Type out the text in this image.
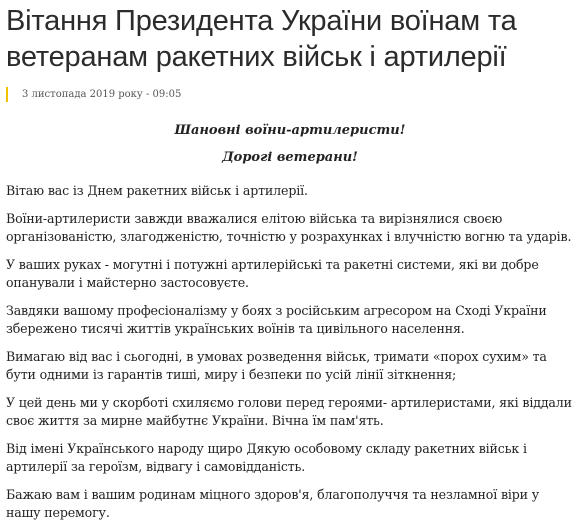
Вітання Президента України воїнам та ветеранам ракетних військ і артилерії
3 листопада 2019 року - 09:05

Шановні воїни-артилеристи!

Дорогі ветерани!

Вітаю вас із Днем ракетних військ і артилерії.

Воїни-артилеристи завжди вважалися елітою війська та вирізнялися своєю організованістю, злагодженістю, точністю у розрахунках і влучністю вогню та ударів.

У ваших руках - могутні і потужні артилерійські та ракетні системи, які ви добре опанували і майстерно застосовуєте.

Завдяки вашому професіоналізму у боях з російським агресором на Сході України збережено тисячі життів українських воїнів та цивільного населення.

Вимагаю від вас і сьогодні, в умовах розведення військ, тримати «порох сухим» та бути одними із гарантів тиші, миру і безпеки по усій лінії зіткнення;

У цей день ми у скорботі схиляємо голови перед героями- артилеристами, які віддали своє життя за мирне майбутнє України. Вічна їм пам'ять.

Від імені Українського народу щиро Дякую особовому складу ракетних військ і артилерії за героїзм, відвагу і самовідданість.

Бажаю вам і вашим родинам міцного здоров'я, благополуччя та незламної віри у нашу перемогу.
